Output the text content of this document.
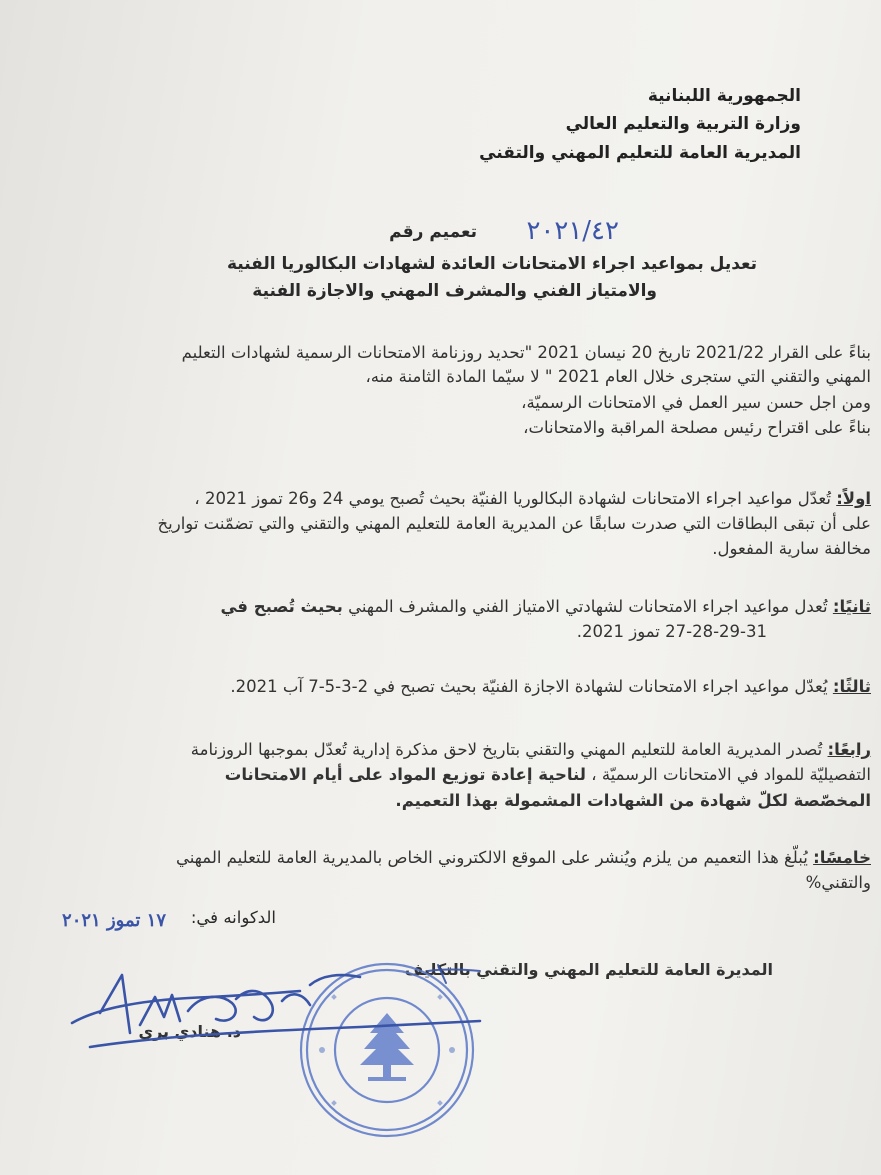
الجمهورية اللبنانية
وزارة التربية والتعليم العالي
المديرية العامة للتعليم المهني والتقني
تعميم رقم ٢٠٢١/٤٢
تعديل بمواعيد اجراء الامتحانات العائدة لشهادات البكالوريا الفنية
والامتياز الفني والمشرف المهني والاجازة الفنية
بناءً على القرار 2021/22 تاريخ 20 نيسان 2021 "تحديد روزنامة الامتحانات الرسمية لشهادات التعليم
المهني والتقني التي ستجرى خلال العام 2021 " لا سيّما المادة الثامنة منه،
ومن اجل حسن سير العمل في الامتحانات الرسميّة،
بناءً على اقتراح رئيس مصلحة المراقبة والامتحانات،
اولاً: تُعدّل مواعيد اجراء الامتحانات لشهادة البكالوريا الفنيّة بحيث تُصبح يومي 24 و26 تموز 2021 ،
على أن تبقى البطاقات التي صدرت سابقًا عن المديرية العامة للتعليم المهني والتقني والتي تضمّنت تواريخ
مخالفة سارية المفعول.
ثانيًا: تُعدل مواعيد اجراء الامتحانات لشهادتي الامتياز الفني والمشرف المهني بحيث تُصبح في
27-28-29-31 تموز 2021.
ثالثًا: يُعدّل مواعيد اجراء الامتحانات لشهادة الاجازة الفنيّة بحيث تصبح في 2-3-5-7 آب 2021.
رابعًا: تُصدر المديرية العامة للتعليم المهني والتقني بتاريخ لاحق مذكرة إدارية تُعدّل بموجبها الروزنامة
التفصيليّة للمواد في الامتحانات الرسميّة ، لناحية إعادة توزيع المواد على أيام الامتحانات
المخصّصة لكلّ شهادة من الشهادات المشمولة بهذا التعميم.
خامسًا: يُبلّغ هذا التعميم من يلزم ويُنشر على الموقع الالكتروني الخاص بالمديرية العامة للتعليم المهني
والتقني%
الدكوانه في:
١٧ تموز ٢٠٢١
المديرة العامة للتعليم المهني والتقني بالتكليف
د. هنادي بري
